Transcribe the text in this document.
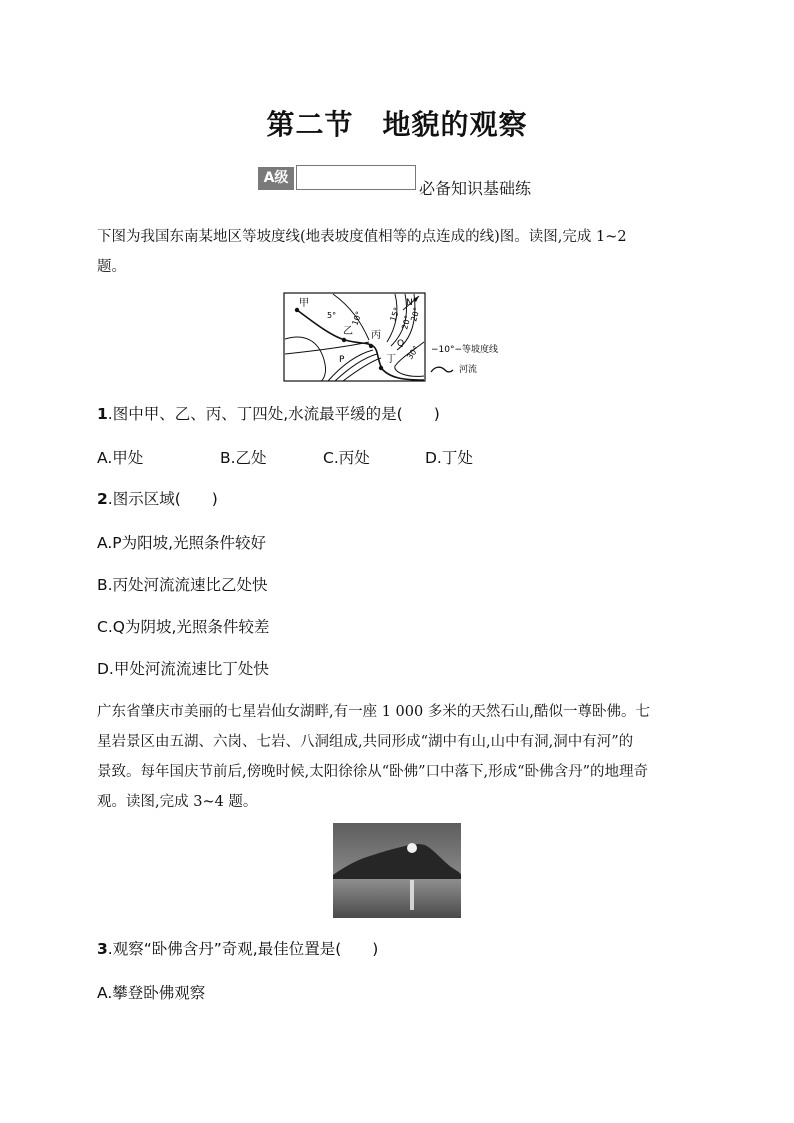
第二节　地貌的观察
A级
必备知识基础练
下图为我国东南某地区等坡度线(地表坡度值相等的点连成的线)图。读图,完成 1~2
题。
甲
乙 丙
丁
P
Q
5° 10°	15°
20°
20°
30°
N
−10°−等坡度线
河流
1.图中甲、乙、丙、丁四处,水流最平缓的是(　　)
A.甲处	B.乙处	C.丙处	D.丁处
2.图示区域(　　)
A.P为阳坡,光照条件较好
B.丙处河流流速比乙处快
C.Q为阴坡,光照条件较差
D.甲处河流流速比丁处快
广东省肇庆市美丽的七星岩仙女湖畔,有一座 1 000 多米的天然石山,酷似一尊卧佛。七
星岩景区由五湖、六岗、七岩、八洞组成,共同形成“湖中有山,山中有洞,洞中有河”的
景致。每年国庆节前后,傍晚时候,太阳徐徐从“卧佛”口中落下,形成“卧佛含丹”的地理奇
观。读图,完成 3~4 题。
3.观察“卧佛含丹”奇观,最佳位置是(　　)
A.攀登卧佛观察
